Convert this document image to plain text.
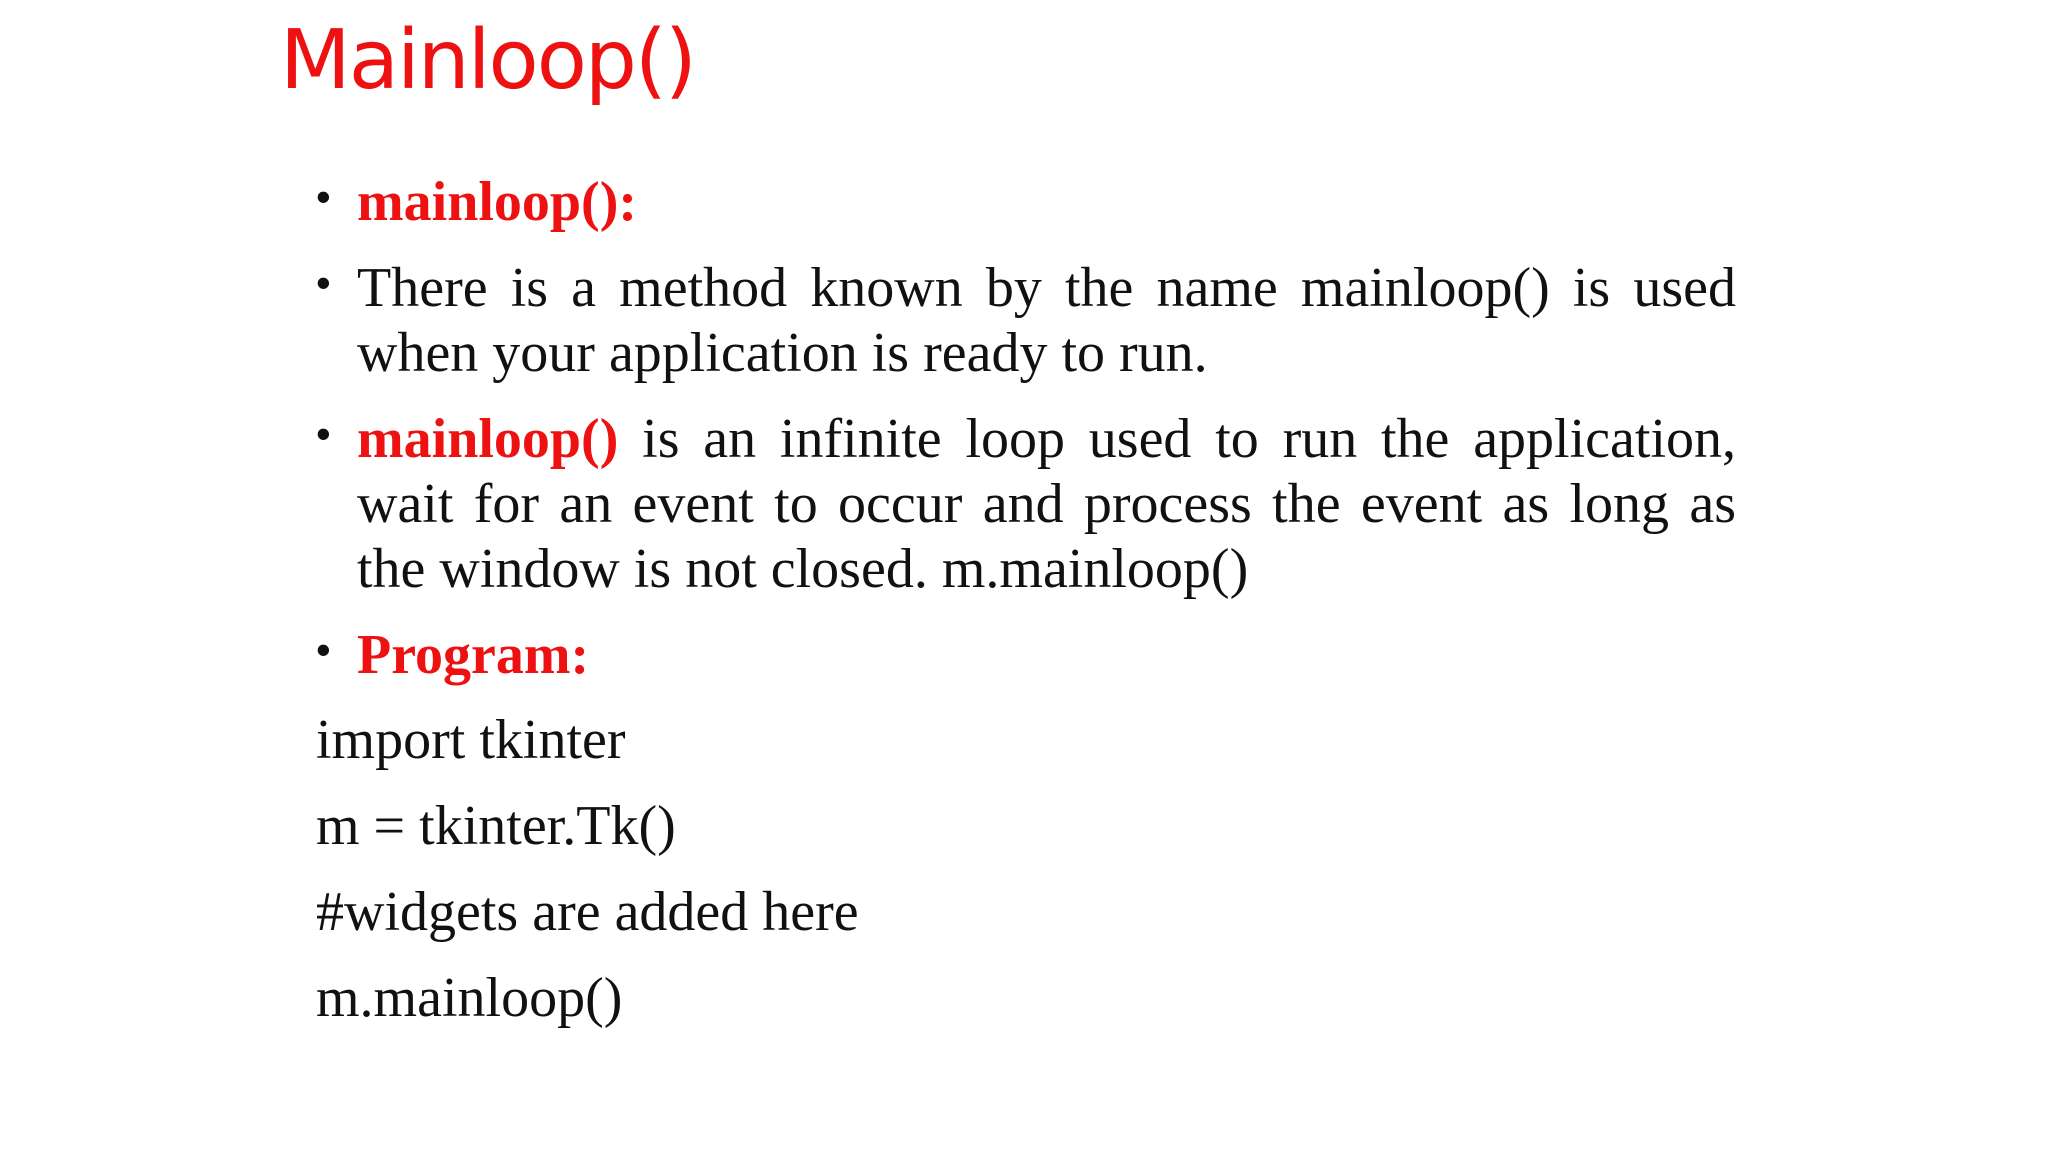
Mainloop()
• mainloop():
• There is a method known by the name mainloop() is used when your application is ready to run.
• mainloop() is an infinite loop used to run the application, wait for an event to occur and process the event as long as the window is not closed. m.mainloop()
• Program:

import tkinter

m = tkinter.Tk()

#widgets are added here

m.mainloop()
